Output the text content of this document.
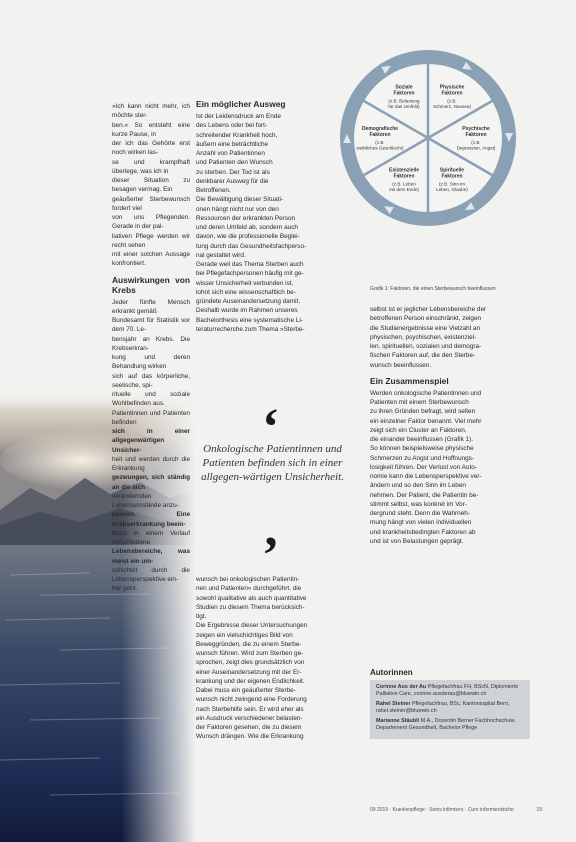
»Ich kann nicht mehr, ich möchte ster-

ben.« So entsteht eine kurze Pause, in

der ich das Gehörte erst noch wirken las-

se und krampfhaft überlege, was ich in

dieser Situation zu besagen vermag. Ein

geäußerter Sterbewunsch fordert viel

von uns Pflegenden. Gerade in der pal-

liativen Pflege werden wir recht sehen

mit einer solchen Aussage konfrontiert.

Auswirkungen von Krebs

Jeder fünfte Mensch erkrankt gemäß

Bundesamt für Statistik vor dem 70. Le-

bensjahr an Krebs. Die Krebserkran-

kung und deren Behandlung wirken

sich auf das körperliche, seelische, spi-

rituelle und soziale Wohlbefinden aus.

Patientinnen und Patienten befinden

sich in einer allgegenwärtigen Unsicher-

heit und werden durch die Erkrankung

gezwungen, sich ständig an die sich

verändernden Lebensumstände anzu-

passen. Eine Krebserkrankung beein-

flusst in einem Verlauf verschiedene

Lebensbereiche, was meist ein um-

schichtet durch die Lebensperspektive ein-

her geht.

Ein möglicher Ausweg

Ist der Leidensdruck am Ende

des Lebens oder bei fort-

schreitender Krankheit hoch,

äußern eine beträchtliche

Anzahl von Patientinnen

und Patienten den Wunsch

zu sterben. Der Tod ist als

denkbarer Ausweg für die

Betroffenen.

Die Bewältigung dieser Situati-

onen hängt nicht nur von den

Ressourcen der erkrankten Person

und deren Umfeld ab, sondern auch

davon, wie die professionelle Beglei-

tung durch das Gesundheitsfachperso-

nal gestaltet wird.

Gerade weil das Thema Sterben auch

bei Pflegefachpersonen häufig mit ge-

wisser Unsicherheit verbunden ist,

lohnt sich eine wissenschaftlich be-

gründete Auseinandersetzung damit.

Deshalb wurde im Rahmen unseres

Bachelorthesis eine systematische Li-

teraturrecherche zum Thema »Sterbe-

‘
Onkologische Patientinnen und Patienten befinden sich in einer allgegen-wärtigen Unsicherheit.
’

wunsch bei onkologischen Patientin-

nen und Patienten« durchgeführt, die

sowohl qualitative als auch quantitative

Studien zu diesem Thema berücksich-

tigt.

Die Ergebnisse dieser Untersuchungen

zeigen ein vielschichtiges Bild von

Beweggründen, die zu einem Sterbe-

wunsch führen. Wird zum Sterben ge-

sprochen, zeigt dies grundsätzlich von

einer Auseinandersetzung mit der Er-

krankung und der eigenen Endlichkeit.

Dabei muss ein geäußerter Sterbe-

wunsch nicht zwingend eine Forderung

nach Sterbehilfe sein. Er wird eher als

ein Ausdruck verschiedener belasten-

der Faktoren gesehen, die zu diesem

Wunsch drängen. Wie die Erkrankung

Soziale Faktoren
(z.B. Belastung für das Umfeld)
Physische Faktoren
(z.B. Schmerz, Nausea)
Psychische Faktoren
(z.B. Depression, Angst)
Spirituelle Faktoren
(z.B. Sinn im Leben, Glaube)
Existenzielle Faktoren
(z.B. Leben mit dem Ende)
Demografische Faktoren
(z.B. weibliches Geschlecht)
Grafik 1: Faktoren, die einen Sterbewunsch beeinflussen

selbst ist er jeglicher Lebensbereiche der

betroffenen Person einschränkt, zeigen

die Studienergebnisse eine Vielzahl an

physischen, psychischen, existenziel-

len, spirituellen, sozialen und demogra-

fischen Faktoren auf, die den Sterbe-

wunsch beeinflussen.

Ein Zusammenspiel

Werden onkologische Patientinnen und

Patienten mit einem Sterbewunsch

zu ihren Gründen befragt, wird selten

ein einzelner Faktor benannt. Viel mehr

zeigt sich ein Cluster an Faktoren,

die einander beeinflussen (Grafik 1).

So können beispielsweise physische

Schmerzen zu Angst und Hoffnungs-

losigkeit führen. Der Verlust von Auto-

nomie kann die Lebensperspektive ver-

ändern und so den Sinn im Leben

nehmen. Der Patient, die Patientin be-

stimmt selbst, was konkret im Vor-

dergrund steht. Denn die Wahrneh-

mung hängt von vielen individuellen

und krankheitsbedingten Faktoren ab

und ist von Belastungen geprägt.

Autorinnen
Corinne Aus der Au Pflegefachfrau FH, BScN, Diplomierte Palliative Care, corinne.ausderau@bluewin.ch
Rahel Steiner Pflegefachfrau, BSc, Kantonsspital Bern, rahel.steiner@bluewin.ch
Marianne Stäubli M.A., Dozentin Berner Fachhochschule, Departement Gesundheit, Bachelor Pflege
09 2019 · Krankenpflege · Soins infirmiers · Cure infermieristiche	19
